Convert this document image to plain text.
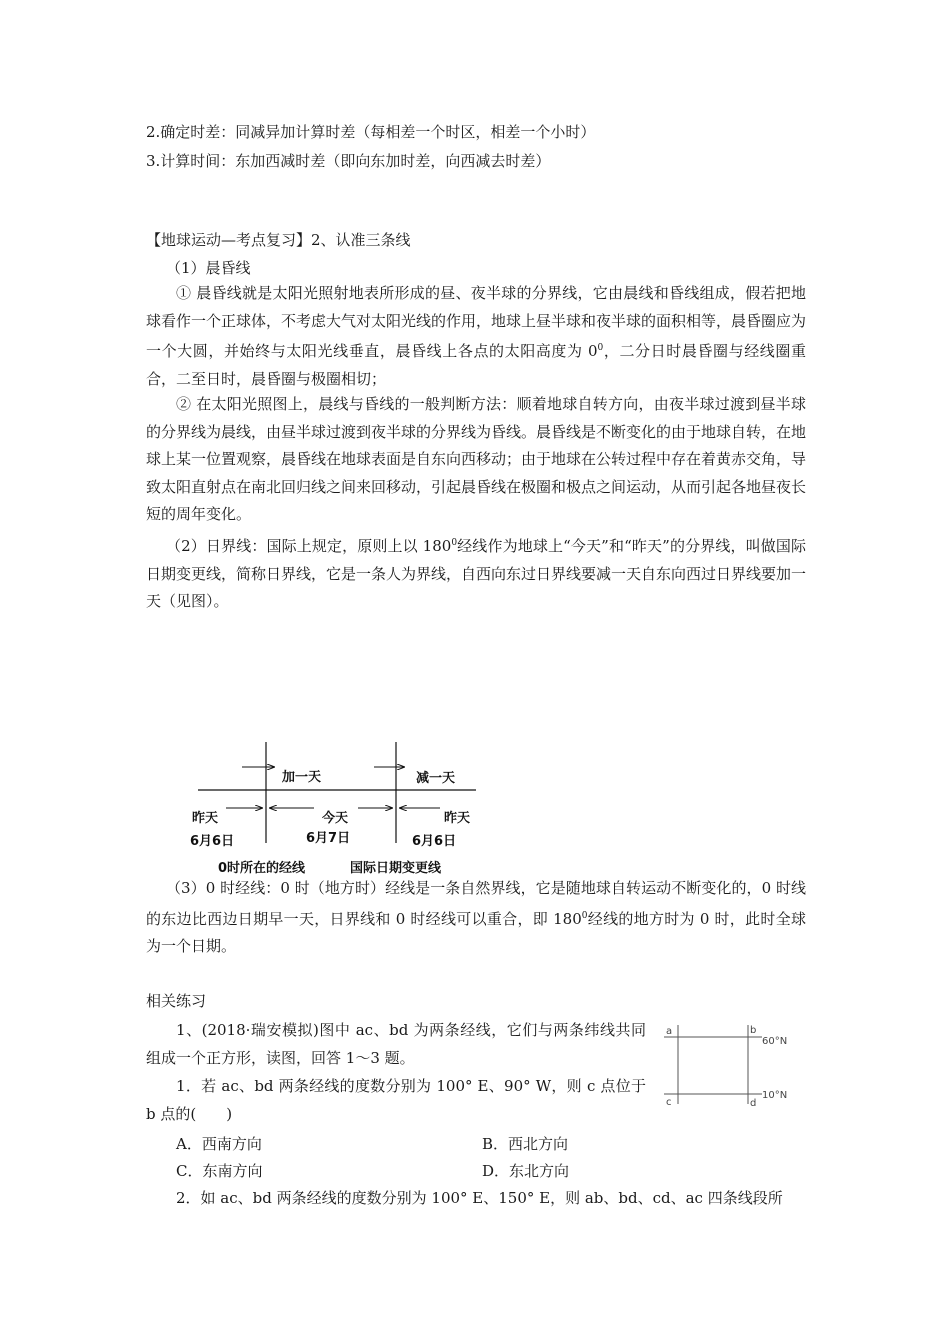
2.确定时差：同减异加计算时差（每相差一个时区，相差一个小时）
3.计算时间：东加西减时差（即向东加时差，向西减去时差）
【地球运动—考点复习】2、认准三条线
（1）晨昏线

① 晨昏线就是太阳光照射地表所形成的昼、夜半球的分界线，它由晨线和昏线组成，假若把地球看作一个正球体，不考虑大气对太阳光线的作用，地球上昼半球和夜半球的面积相等，晨昏圈应为一个大圆，并始终与太阳光线垂直，晨昏线上各点的太阳高度为 $0^0$，二分日时晨昏圈与经线圈重合，二至日时，晨昏圈与极圈相切；

② 在太阳光照图上，晨线与昏线的一般判断方法：顺着地球自转方向，由夜半球过渡到昼半球的分界线为晨线，由昼半球过渡到夜半球的分界线为昏线。晨昏线是不断变化的由于地球自转，在地球上某一位置观察，晨昏线在地球表面是自东向西移动；由于地球在公转过程中存在着黄赤交角，导致太阳直射点在南北回归线之间来回移动，引起晨昏线在极圈和极点之间运动，从而引起各地昼夜长短的周年变化。

（2）日界线：国际上规定，原则上以 $180^0$经线作为地球上“今天”和“昨天”的分界线，叫做国际日期变更线，简称日界线，它是一条人为界线，自西向东过日界线要减一天自东向西过日界线要加一天（见图）。

加一天	减一天
昨天
6月6日
今天
6月7日
昨天
6月6日
0时所在的经线	国际日期变更线

（3）0 时经线：0 时（地方时）经线是一条自然界线，它是随地球自转运动不断变化的，0 时线的东边比西边日期早一天，日界线和 0 时经线可以重合，即 $180^0$经线的地方时为 0 时，此时全球为一个日期。

相关练习

1、(2018·瑞安模拟)图中 ac、bd 为两条经线，它们与两条纬线共同组成一个正方形，读图，回答 1～3 题。

1．若 ac、bd 两条经线的度数分别为 100° E、90° W，则 c 点位于 b 点的(　　)

A．西南方向	B．西北方向
C．东南方向	D．东北方向
2．如 ac、bd 两条经线的度数分别为 100° E、150° E，则 ab、bd、cd、ac 四条线段所
a	b
c	d
60°N
10°N
